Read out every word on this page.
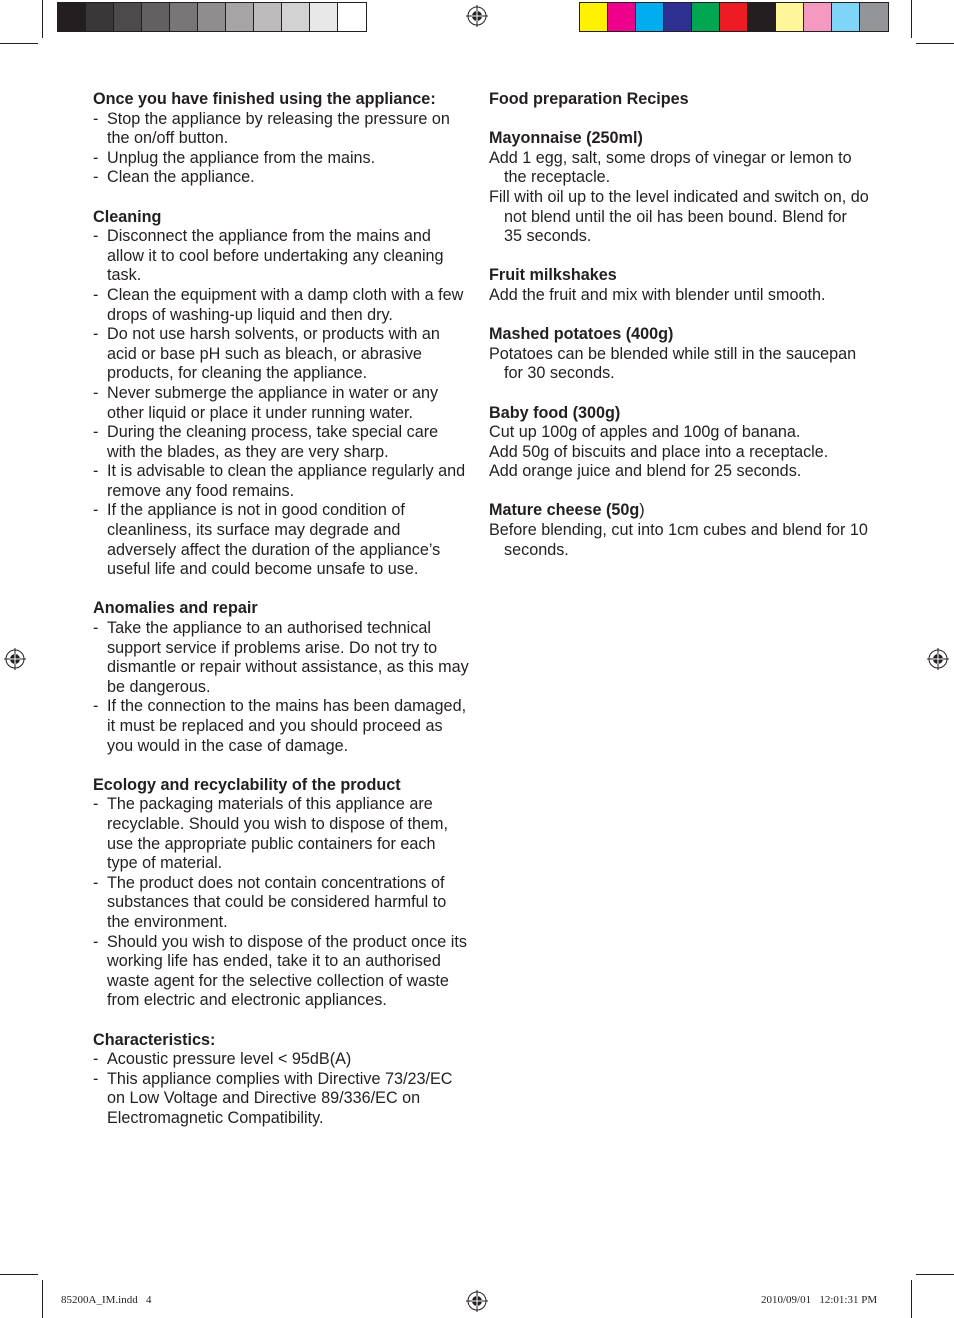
Once you have finished using the appliance:
- Stop the appliance by releasing the pressure on the on/off button.
- Unplug the appliance from the mains.
- Clean the appliance.
Cleaning
- Disconnect the appliance from the mains and allow it to cool before undertaking any cleaning task.
- Clean the equipment with a damp cloth with a few drops of washing-up liquid and then dry.
- Do not use harsh solvents, or products with an acid or base pH such as bleach, or abrasive products, for cleaning the appliance.
- Never submerge the appliance in water or any other liquid or place it under running water.
- During the cleaning process, take special care with the blades, as they are very sharp.
- It is advisable to clean the appliance regularly and remove any food remains.
- If the appliance is not in good condition of cleanliness, its surface may degrade and adversely affect the duration of the appliance’s useful life and could become unsafe to use.
Anomalies and repair
- Take the appliance to an authorised technical support service if problems arise. Do not try to dismantle or repair without assistance, as this may be dangerous.
- If the connection to the mains has been damaged, it must be replaced and you should proceed as you would in the case of damage.
Ecology and recyclability of the product
- The packaging materials of this appliance are recyclable. Should you wish to dispose of them, use the appropriate public containers for each type of material.
- The product does not contain concentrations of substances that could be considered harmful to the environment.
- Should you wish to dispose of the product once its working life has ended, take it to an authorised waste agent for the selective collection of waste from electric and electronic appliances.
Characteristics:
- Acoustic pressure level < 95dB(A)
- This appliance complies with Directive 73/23/EC on Low Voltage and Directive 89/336/EC on Electromagnetic Compatibility.
Food preparation Recipes
Mayonnaise (250ml)
Add 1 egg, salt, some drops of vinegar or lemon to the receptacle.
Fill with oil up to the level indicated and switch on, do not blend until the oil has been bound. Blend for 35 seconds.
Fruit milkshakes
Add the fruit and mix with blender until smooth.
Mashed potatoes (400g)
Potatoes can be blended while still in the saucepan for 30 seconds.
Baby food (300g)
Cut up 100g of apples and 100g of banana.
Add 50g of biscuits and place into a receptacle.
Add orange juice and blend for 25 seconds.
Mature cheese (50g)
Before blending, cut into 1cm cubes and blend for 10 seconds.
85200A_IM.indd   4	2010/09/01   12:01:31 PM
